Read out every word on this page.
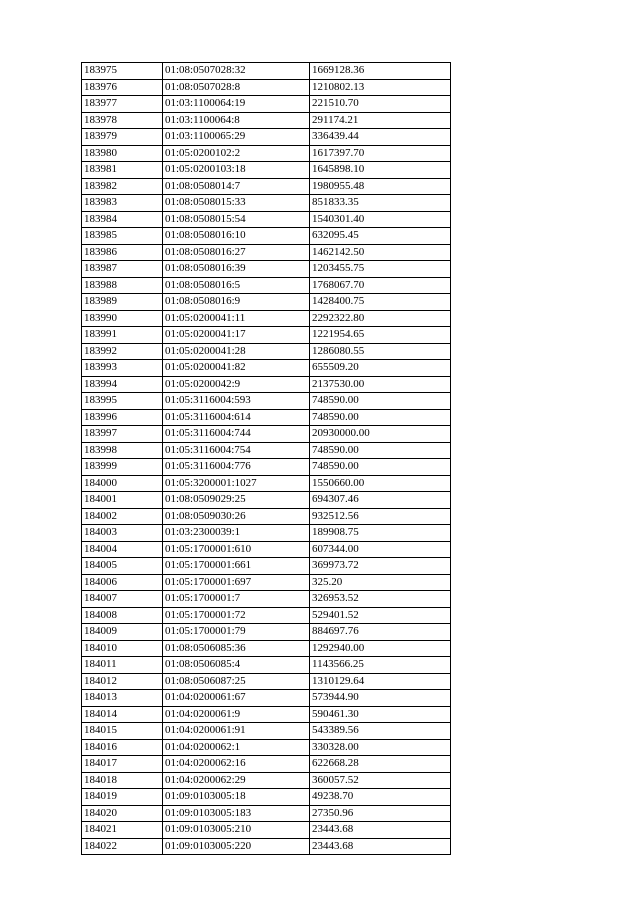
183975	01:08:0507028:32	1669128.36
183976	01:08:0507028:8	1210802.13
183977	01:03:1100064:19	221510.70
183978	01:03:1100064:8	291174.21
183979	01:03:1100065:29	336439.44
183980	01:05:0200102:2	1617397.70
183981	01:05:0200103:18	1645898.10
183982	01:08:0508014:7	1980955.48
183983	01:08:0508015:33	851833.35
183984	01:08:0508015:54	1540301.40
183985	01:08:0508016:10	632095.45
183986	01:08:0508016:27	1462142.50
183987	01:08:0508016:39	1203455.75
183988	01:08:0508016:5	1768067.70
183989	01:08:0508016:9	1428400.75
183990	01:05:0200041:11	2292322.80
183991	01:05:0200041:17	1221954.65
183992	01:05:0200041:28	1286080.55
183993	01:05:0200041:82	655509.20
183994	01:05:0200042:9	2137530.00
183995	01:05:3116004:593	748590.00
183996	01:05:3116004:614	748590.00
183997	01:05:3116004:744	20930000.00
183998	01:05:3116004:754	748590.00
183999	01:05:3116004:776	748590.00
184000	01:05:3200001:1027	1550660.00
184001	01:08:0509029:25	694307.46
184002	01:08:0509030:26	932512.56
184003	01:03:2300039:1	189908.75
184004	01:05:1700001:610	607344.00
184005	01:05:1700001:661	369973.72
184006	01:05:1700001:697	325.20
184007	01:05:1700001:7	326953.52
184008	01:05:1700001:72	529401.52
184009	01:05:1700001:79	884697.76
184010	01:08:0506085:36	1292940.00
184011	01:08:0506085:4	1143566.25
184012	01:08:0506087:25	1310129.64
184013	01:04:0200061:67	573944.90
184014	01:04:0200061:9	590461.30
184015	01:04:0200061:91	543389.56
184016	01:04:0200062:1	330328.00
184017	01:04:0200062:16	622668.28
184018	01:04:0200062:29	360057.52
184019	01:09:0103005:18	49238.70
184020	01:09:0103005:183	27350.96
184021	01:09:0103005:210	23443.68
184022	01:09:0103005:220	23443.68
